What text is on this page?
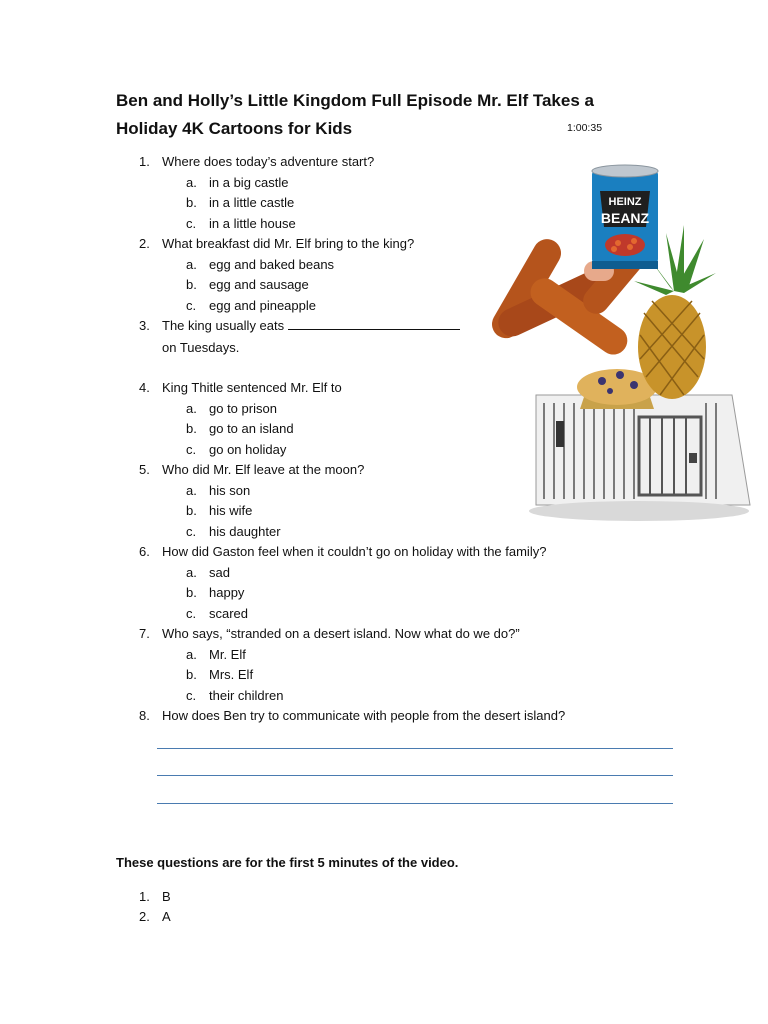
Ben and Holly’s Little Kingdom Full Episode Mr. Elf Takes a Holiday 4K Cartoons for Kids	1:00:35
1. Where does today’s adventure start?
a. in a big castle
b. in a little castle
c. in a little house
2. What breakfast did Mr. Elf bring to the king?
a. egg and baked beans
b. egg and sausage
c. egg and pineapple
3. The king usually eats
on Tuesdays.
4. King Thitle sentenced Mr. Elf to
a. go to prison
b. go to an island
c. go on holiday
5. Who did Mr. Elf leave at the moon?
a. his son
b. his wife
c. his daughter
6. How did Gaston feel when it couldn’t go on holiday with the family?
a. sad
b. happy
c. scared
7. Who says, “stranded on a desert island. Now what do we do?”
a. Mr. Elf
b. Mrs. Elf
c. their children
8. How does Ben try to communicate with people from the desert island?
These questions are for the first 5 minutes of the video.
1. B
2. A
HEINZ
BEANZ
